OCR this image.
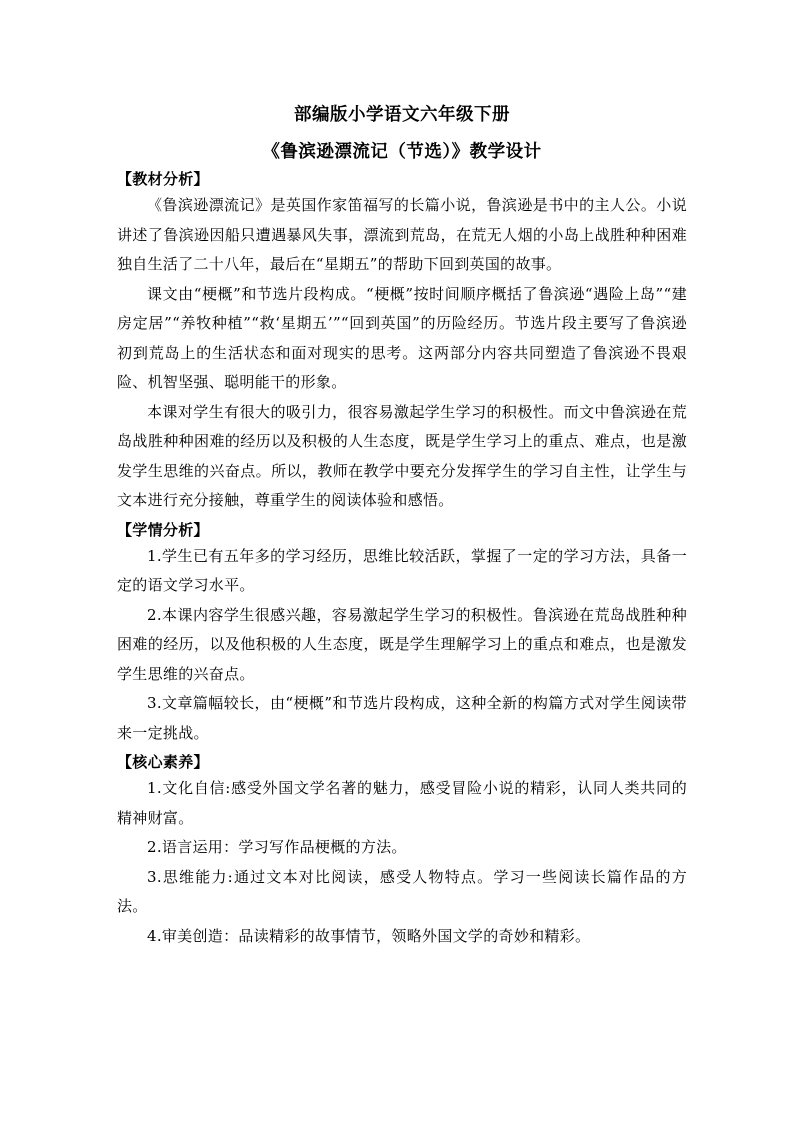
部编版小学语文六年级下册
《鲁滨逊漂流记（节选）》教学设计
【教材分析】

《鲁滨逊漂流记》是英国作家笛福写的长篇小说，鲁滨逊是书中的主人公。小说讲述了鲁滨逊因船只遭遇暴风失事，漂流到荒岛，在荒无人烟的小岛上战胜种种困难独自生活了二十八年，最后在“星期五”的帮助下回到英国的故事。

课文由“梗概”和节选片段构成。“梗概”按时间顺序概括了鲁滨逊“遇险上岛”“建房定居”“养牧种植”“救‘星期五’”“回到英国”的历险经历。节选片段主要写了鲁滨逊初到荒岛上的生活状态和面对现实的思考。这两部分内容共同塑造了鲁滨逊不畏艰险、机智坚强、聪明能干的形象。

本课对学生有很大的吸引力，很容易激起学生学习的积极性。而文中鲁滨逊在荒岛战胜种种困难的经历以及积极的人生态度，既是学生学习上的重点、难点，也是激发学生思维的兴奋点。所以，教师在教学中要充分发挥学生的学习自主性，让学生与文本进行充分接触，尊重学生的阅读体验和感悟。

【学情分析】

1.学生已有五年多的学习经历，思维比较活跃，掌握了一定的学习方法，具备一定的语文学习水平。

2.本课内容学生很感兴趣，容易激起学生学习的积极性。鲁滨逊在荒岛战胜种种困难的经历，以及他积极的人生态度，既是学生理解学习上的重点和难点，也是激发学生思维的兴奋点。

3.文章篇幅较长，由“梗概”和节选片段构成，这种全新的构篇方式对学生阅读带来一定挑战。

【核心素养】

1.文化自信:感受外国文学名著的魅力，感受冒险小说的精彩，认同人类共同的精神财富。

2.语言运用：学习写作品梗概的方法。

3.思维能力:通过文本对比阅读，感受人物特点。学习一些阅读长篇作品的方法。

4.审美创造：品读精彩的故事情节，领略外国文学的奇妙和精彩。
